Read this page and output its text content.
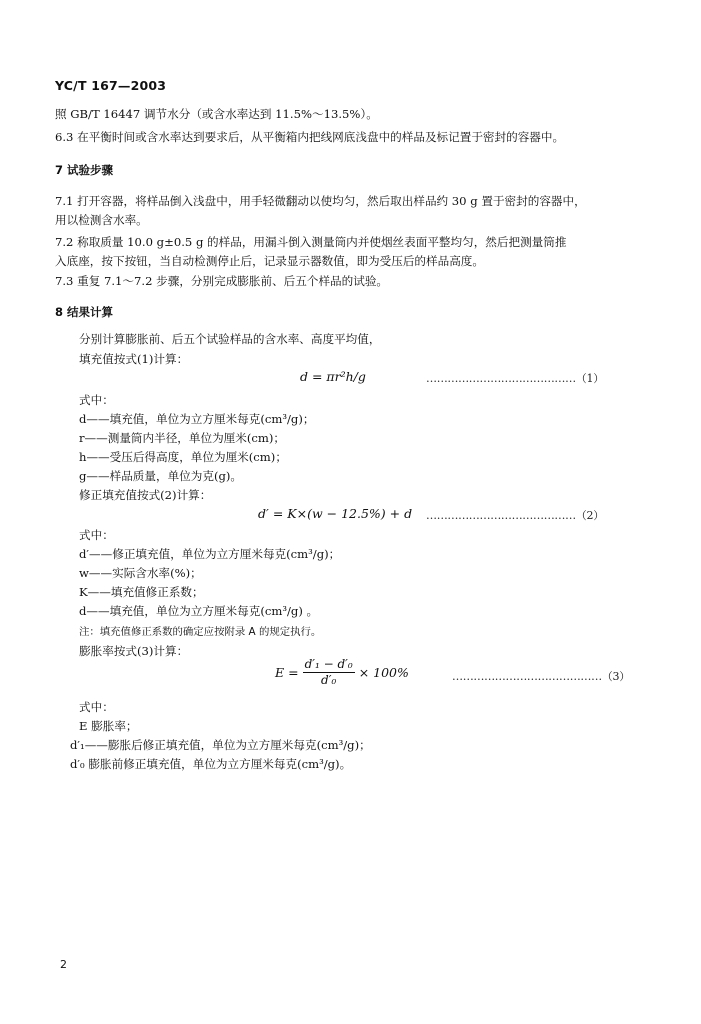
YC/T 167—2003
照 GB/T 16447 调节水分（或含水率达到 11.5%～13.5%）。
6.3 在平衡时间或含水率达到要求后，从平衡箱内把线网底浅盘中的样品及标记置于密封的容器中。
7 试验步骤
7.1 打开容器，将样品倒入浅盘中，用手轻微翻动以使均匀，然后取出样品约 30 g 置于密封的容器中，
用以检测含水率。
7.2 称取质量 10.0 g±0.5 g 的样品，用漏斗倒入测量筒内并使烟丝表面平整均匀，然后把测量筒推
入底座，按下按钮，当自动检测停止后，记录显示器数值，即为受压后的样品高度。
7.3 重复 7.1～7.2 步骤，分别完成膨胀前、后五个样品的试验。
8 结果计算
分别计算膨胀前、后五个试验样品的含水率、高度平均值，
填充值按式(1)计算：
d = πr²h/g	……………………………………（1）
式中：
d——填充值，单位为立方厘米每克(cm³/g)；
r——测量筒内半径，单位为厘米(cm)；
h——受压后得高度，单位为厘米(cm)；
g——样品质量，单位为克(g)。
修正填充值按式(2)计算：
d′ = K×(w − 12.5%) + d ……………………………………（2）
式中：
d′——修正填充值，单位为立方厘米每克(cm³/g)；
w——实际含水率(%)；
K——填充值修正系数；
d——填充值，单位为立方厘米每克(cm³/g) 。
注：填充值修正系数的确定应按附录 A 的规定执行。
膨胀率按式(3)计算：
$E = \frac{\text{d′₁ − d′₀}}{\text{d′₀}} \times 100\%$	……………………………………（3）
式中：
E 膨胀率；
d′₁——膨胀后修正填充值，单位为立方厘米每克(cm³/g)；
d′₀ 膨胀前修正填充值，单位为立方厘米每克(cm³/g)。
2
